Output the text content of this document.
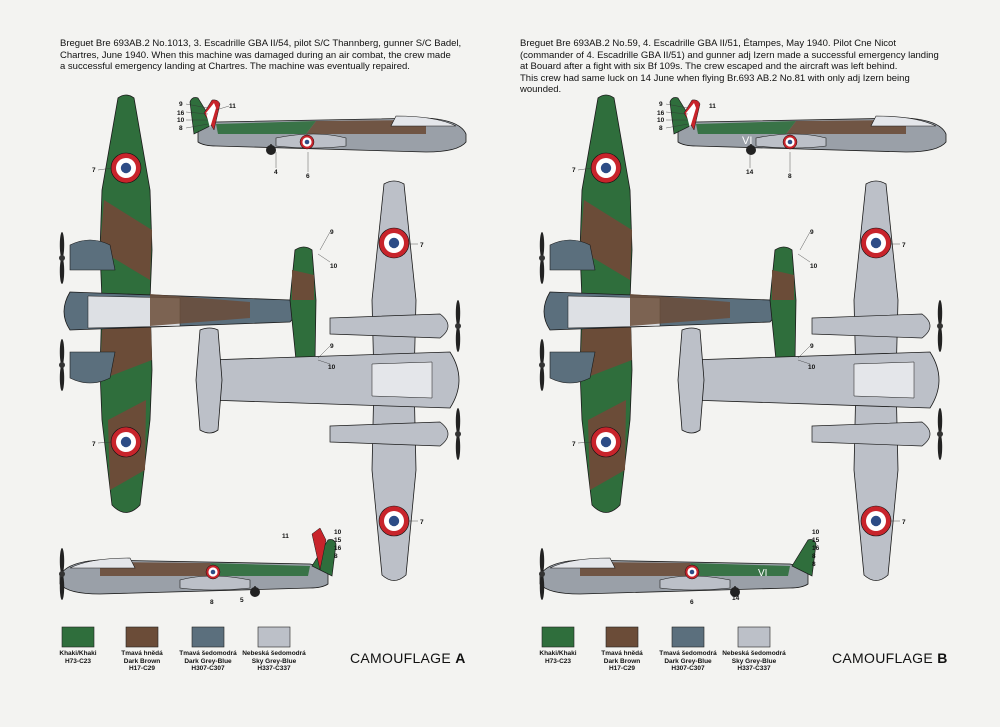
Breguet Bre 693AB.2 No.1013, 3. Escadrille GBA II/54, pilot S/C Thannberg, gunner S/C Badel,
Chartres, June 1940. When this machine was damaged during an air combat, the crew made
a successful emergency landing at Chartres. The machine was eventually repaired.
Breguet Bre 693AB.2 No.59, 4. Escadrille GBA II/51, Étampes, May 1940. Pilot Cne Nicot
(commander of 4. Escadrille GBA II/51) and gunner adj Izern made a successful emergency landing
at Bouard after a fight with six Bf 109s. The crew escaped and the aircraft was left behind.
This crew had same luck on 14 June when flying Br.693 AB.2 No.81 with only adj Izern being wounded.
VI
VI
9
16
10
8
11
4
6
7
9
10
9
10
7
7
7
11
10
15
16
8
8	5
9
16
10
8
11
14
8
7
9
10
9
10
7
7
7
10
15
16
8
8
6
14
Khaki/Khaki
H73-C23
Tmavá hnědá
Dark Brown
H17-C29
Tmavá šedomodrá
Dark Grey-Blue
H307-C307
Nebeská šedomodrá
Sky Grey-Blue
H337-C337
Khaki/Khaki
H73-C23
Tmavá hnědá
Dark Brown
H17-C29
Tmavá šedomodrá
Dark Grey-Blue
H307-C307
Nebeská šedomodrá
Sky Grey-Blue
H337-C337
CAMOUFLAGE A	CAMOUFLAGE B
